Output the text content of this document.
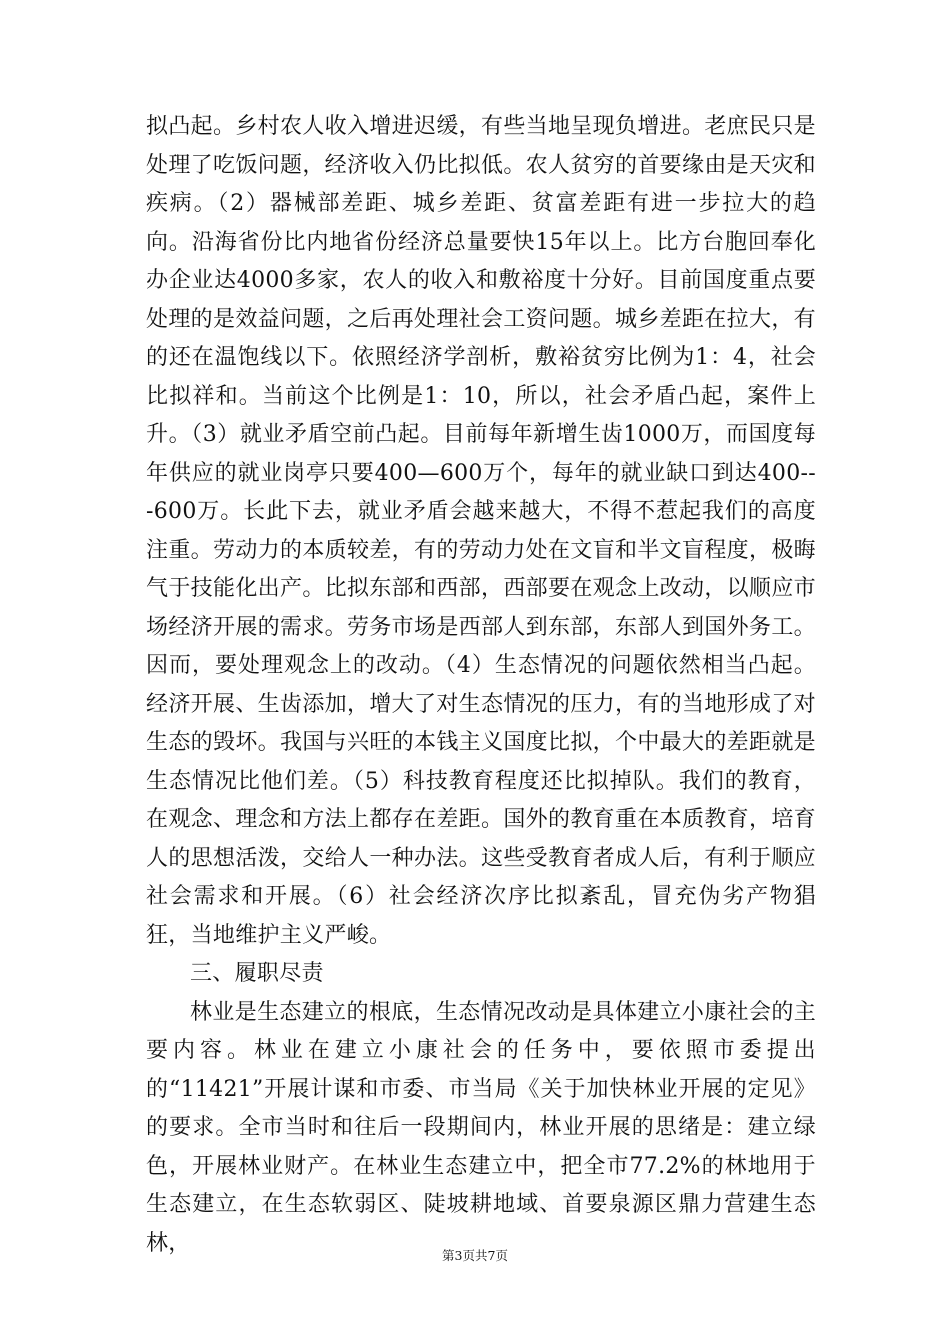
拟凸起。乡村农人收入增进迟缓，有些当地呈现负增进。老庶民只是处理了吃饭问题，经济收入仍比拟低。农人贫穷的首要缘由是天灾和疾病。（2）器械部差距、城乡差距、贫富差距有进一步拉大的趋向。沿海省份比内地省份经济总量要快15年以上。比方台胞回奉化办企业达4000多家，农人的收入和敷裕度十分好。目前国度重点要处理的是效益问题，之后再处理社会工资问题。城乡差距在拉大，有的还在温饱线以下。依照经济学剖析，敷裕贫穷比例为1：4，社会比拟祥和。当前这个比例是1：10，所以，社会矛盾凸起，案件上升。（3）就业矛盾空前凸起。目前每年新增生齿1000万，而国度每年供应的就业岗亭只要400—600万个，每年的就业缺口到达400---600万。长此下去，就业矛盾会越来越大，不得不惹起我们的高度注重。劳动力的本质较差，有的劳动力处在文盲和半文盲程度，极晦气于技能化出产。比拟东部和西部，西部要在观念上改动，以顺应市场经济开展的需求。劳务市场是西部人到东部，东部人到国外务工。因而，要处理观念上的改动。（4）生态情况的问题依然相当凸起。经济开展、生齿添加，增大了对生态情况的压力，有的当地形成了对生态的毁坏。我国与兴旺的本钱主义国度比拟，个中最大的差距就是生态情况比他们差。（5）科技教育程度还比拟掉队。我们的教育，在观念、理念和方法上都存在差距。国外的教育重在本质教育，培育人的思想活泼，交给人一种办法。这些受教育者成人后，有利于顺应社会需求和开展。（6）社会经济次序比拟紊乱，冒充伪劣产物猖狂，当地维护主义严峻。

三、履职尽责

林业是生态建立的根底，生态情况改动是具体建立小康社会的主要内容。林业在建立小康社会的任务中，要依照市委提出的“11421”开展计谋和市委、市当局《关于加快林业开展的定见》的要求。全市当时和往后一段期间内，林业开展的思绪是：建立绿色，开展林业财产。在林业生态建立中，把全市77.2%的林地用于生态建立，在生态软弱区、陡坡耕地域、首要泉源区鼎力营建生态林，	第3页共7页
